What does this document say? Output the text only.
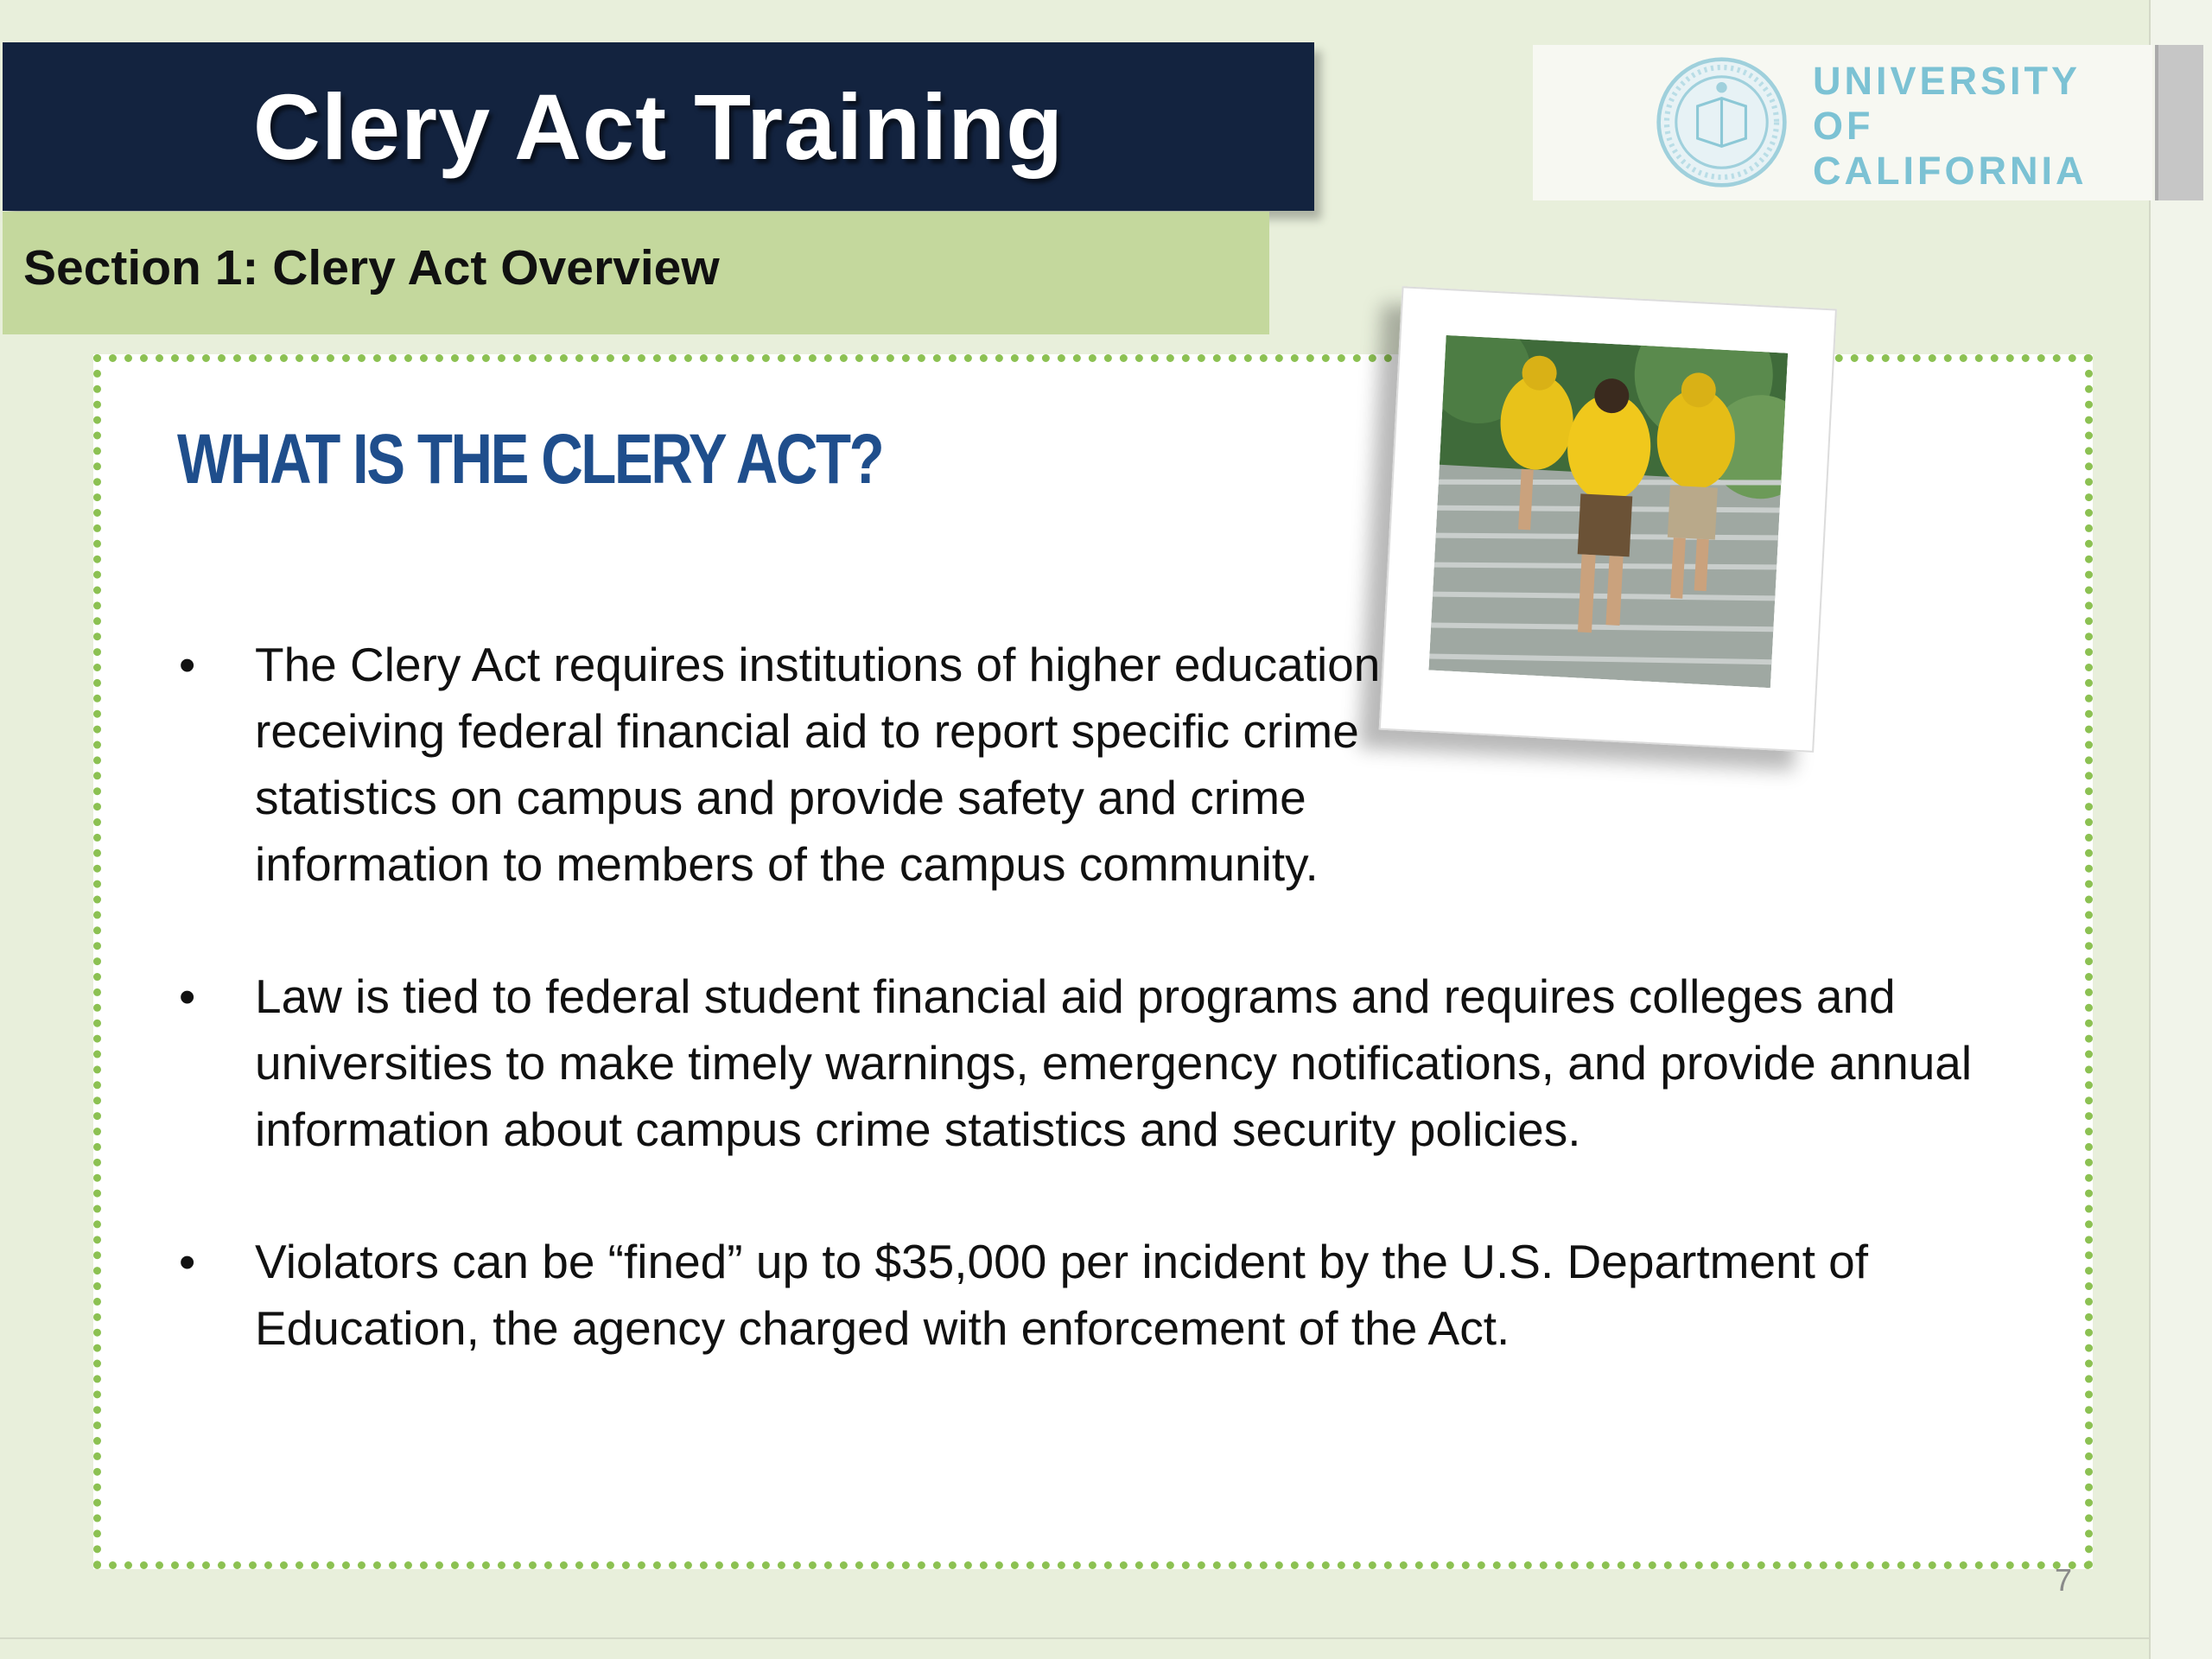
Clery Act Training
Section 1: Clery Act Overview
UNIVERSITY
OF
CALIFORNIA
WHAT IS THE CLERY ACT?
• The Clery Act requires institutions of higher education receiving federal financial aid to report specific crime statistics on campus and provide safety and crime information to members of the campus community.
• Law is tied to federal student financial aid programs and requires colleges and universities to make timely warnings, emergency notifications, and provide annual information about campus crime statistics and security policies.
• Violators can be “fined” up to $35,000 per incident by the U.S. Department of Education, the agency charged with enforcement of the Act.
7
